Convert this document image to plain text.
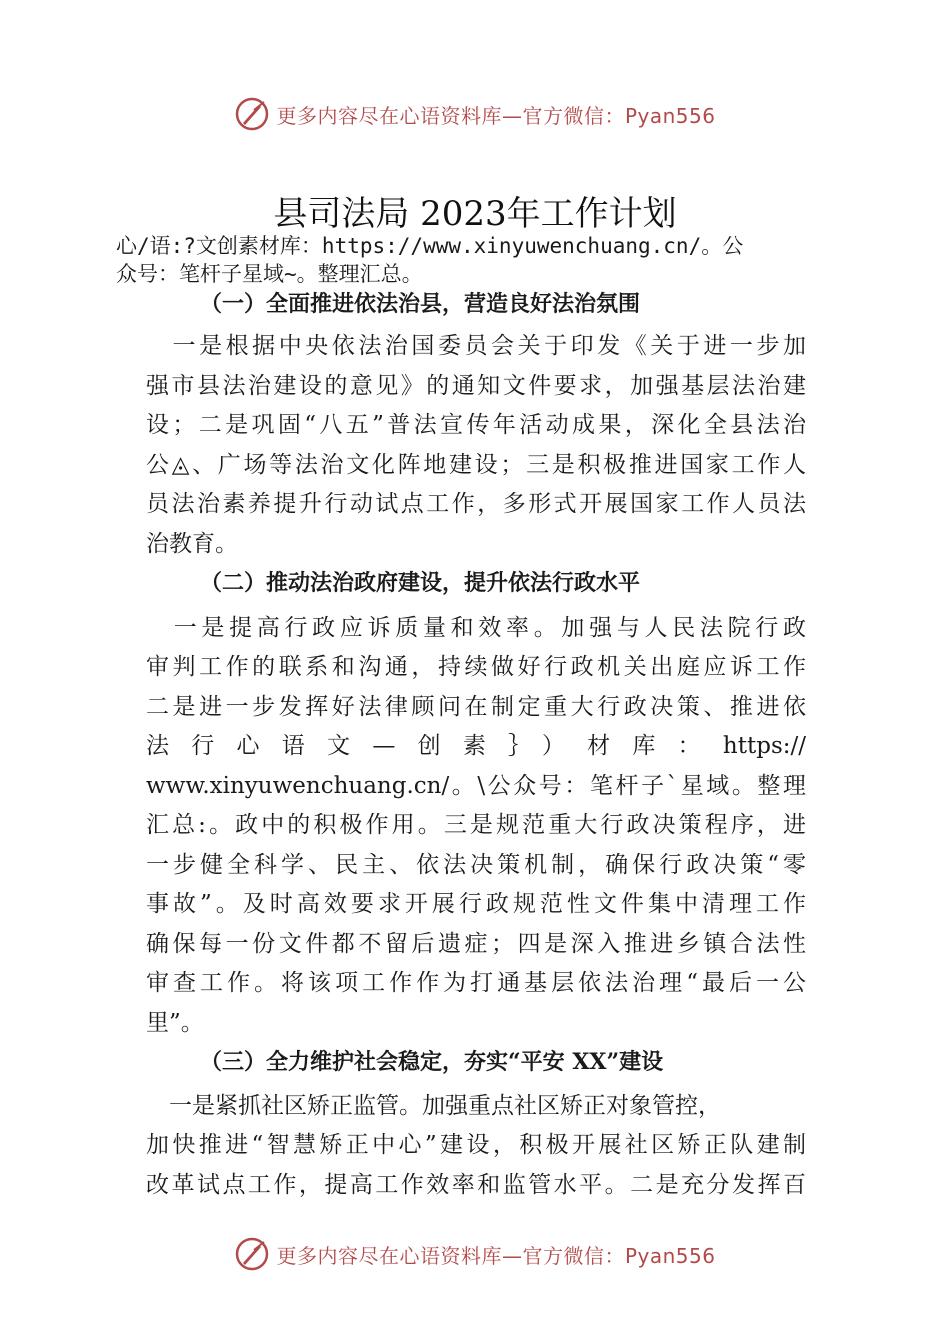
更多内容尽在心语资料库—官方微信：Pyan556
县司法局 2023年工作计划
心/语:?文创素材库：https://www.xinyuwenchuang.cn/。公
众号：笔杆子星域~。整理汇总。
（一）全面推进依法治县，营造良好法治氛围
　一是根据中央依法治国委员会关于印发《关于进一步加
强市县法治建设的意见》的通知文件要求，加强基层法治建
设；二是巩固“八五”普法宣传年活动成果，深化全县法治
公◬、广场等法治文化阵地建设；三是积极推进国家工作人
员法治素养提升行动试点工作，多形式开展国家工作人员法
治教育。
（二）推动法治政府建设，提升依法行政水平
　一是提高行政应诉质量和效率。加强与人民法院行政
审判工作的联系和沟通，持续做好行政机关出庭应诉工作
二是进一步发挥好法律顾问在制定重大行政决策、推进依
法行心语文—创素｝）材库：https://
www.xinyuwenchuang.cn/。\公众号：笔杆子`星域。整理
汇总:。政中的积极作用。三是规范重大行政决策程序，进
一步健全科学、民主、依法决策机制，确保行政决策“零
事故”。及时高效要求开展行政规范性文件集中清理工作
确保每一份文件都不留后遗症；四是深入推进乡镇合法性
审查工作。将该项工作作为打通基层依法治理“最后一公
里”。
（三）全力维护社会稳定，夯实“平安 XX”建设
　一是紧抓社区矫正监管。加强重点社区矫正对象管控，
加快推进“智慧矫正中心”建设，积极开展社区矫正队建制
改革试点工作，提高工作效率和监管水平。二是充分发挥百
更多内容尽在心语资料库—官方微信：Pyan556
